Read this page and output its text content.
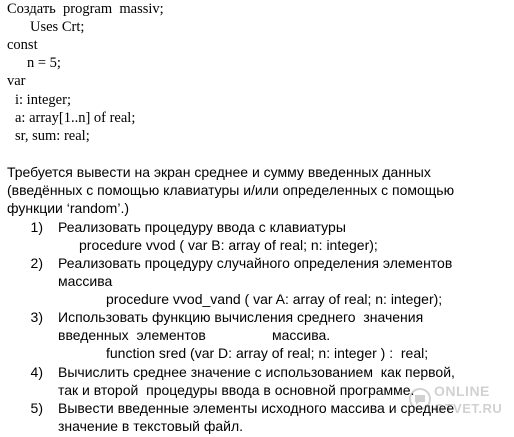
Создать  program  massiv;
Uses Crt;
const
n = 5;
var
i: integer;
a: array[1..n] of real;
sr, sum: real;
Требуется вывести на экран среднее и сумму введенных данных
(введённых с помощью клавиатуры и/или определенных с помощью
функции ‘random’.)
1) Реализовать процедуру ввода с клавиатуры
procedure vvod ( var B: array of real; n: integer);
2) Реализовать процедуру случайного определения элементов
массива
procedure vvod_vand ( var A: array of real; n: integer);
3) Использовать функцию вычисления среднего  значения
введенных  элементов	массива.
function sred (var D: array of real; n: integer ) :  real;
4) Вычислить среднее значение с использованием  как первой,
так и второй  процедуры ввода в основной программе.
5) Вывести введенные элементы исходного массива и среднее
значение в текстовый файл.
ONLINE
OTVET.RU
